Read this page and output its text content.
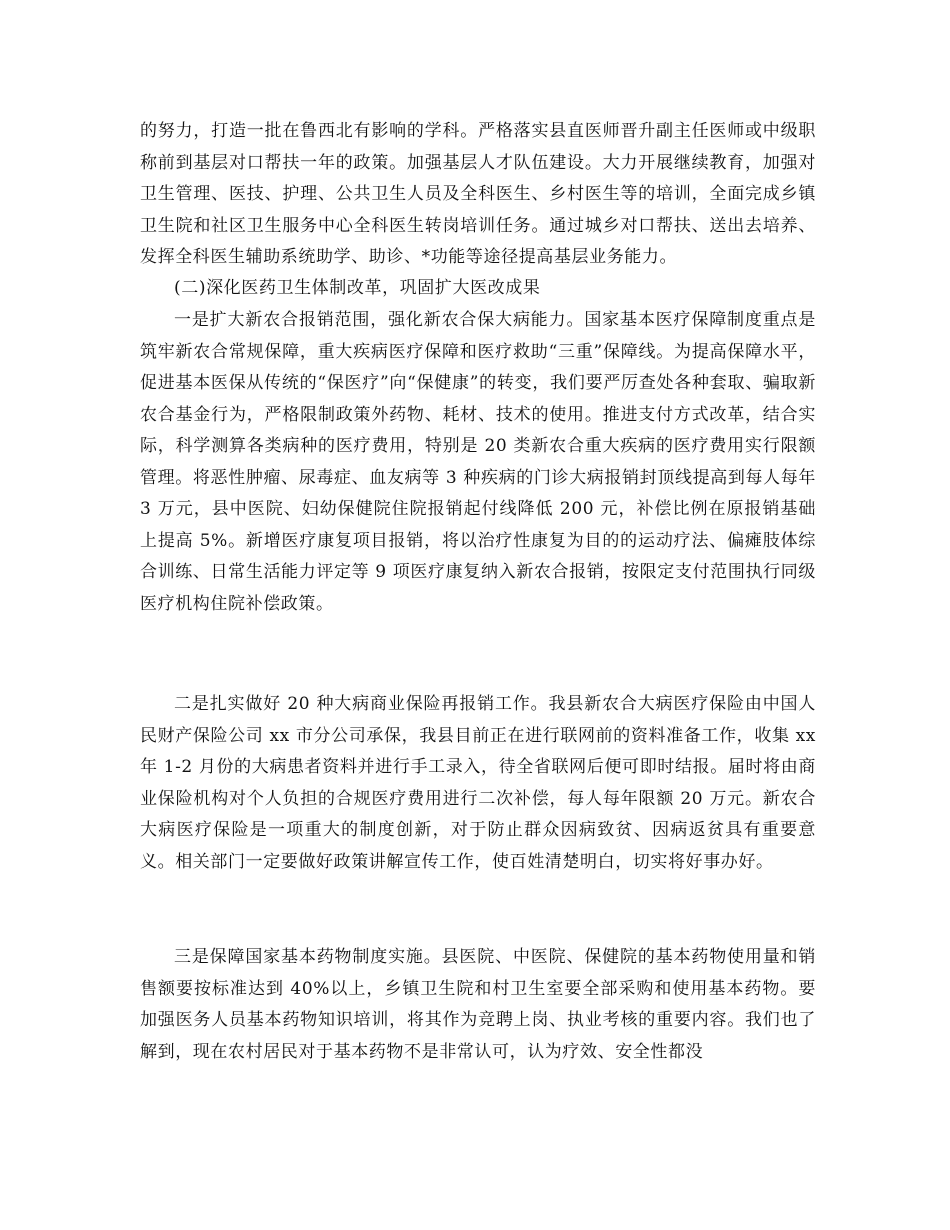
的努力，打造一批在鲁西北有影响的学科。严格落实县直医师晋升副主任医师或中级职称前到基层对口帮扶一年的政策。加强基层人才队伍建设。大力开展继续教育，加强对卫生管理、医技、护理、公共卫生人员及全科医生、乡村医生等的培训，全面完成乡镇卫生院和社区卫生服务中心全科医生转岗培训任务。通过城乡对口帮扶、送出去培养、发挥全科医生辅助系统助学、助诊、*功能等途径提高基层业务能力。

(二)深化医药卫生体制改革，巩固扩大医改成果

一是扩大新农合报销范围，强化新农合保大病能力。国家基本医疗保障制度重点是筑牢新农合常规保障，重大疾病医疗保障和医疗救助“三重”保障线。为提高保障水平，促进基本医保从传统的“保医疗”向“保健康”的转变，我们要严厉查处各种套取、骗取新农合基金行为，严格限制政策外药物、耗材、技术的使用。推进支付方式改革，结合实际，科学测算各类病种的医疗费用，特别是 20 类新农合重大疾病的医疗费用实行限额管理。将恶性肿瘤、尿毒症、血友病等 3 种疾病的门诊大病报销封顶线提高到每人每年 3 万元，县中医院、妇幼保健院住院报销起付线降低 200 元，补偿比例在原报销基础上提高 5%。新增医疗康复项目报销，将以治疗性康复为目的的运动疗法、偏瘫肢体综合训练、日常生活能力评定等 9 项医疗康复纳入新农合报销，按限定支付范围执行同级医疗机构住院补偿政策。

二是扎实做好 20 种大病商业保险再报销工作。我县新农合大病医疗保险由中国人民财产保险公司 xx 市分公司承保，我县目前正在进行联网前的资料准备工作，收集 xx 年 1-2 月份的大病患者资料并进行手工录入，待全省联网后便可即时结报。届时将由商业保险机构对个人负担的合规医疗费用进行二次补偿，每人每年限额 20 万元。新农合大病医疗保险是一项重大的制度创新，对于防止群众因病致贫、因病返贫具有重要意义。相关部门一定要做好政策讲解宣传工作，使百姓清楚明白，切实将好事办好。

三是保障国家基本药物制度实施。县医院、中医院、保健院的基本药物使用量和销售额要按标准达到 40%以上，乡镇卫生院和村卫生室要全部采购和使用基本药物。要加强医务人员基本药物知识培训，将其作为竞聘上岗、执业考核的重要内容。我们也了解到，现在农村居民对于基本药物不是非常认可，认为疗效、安全性都没
